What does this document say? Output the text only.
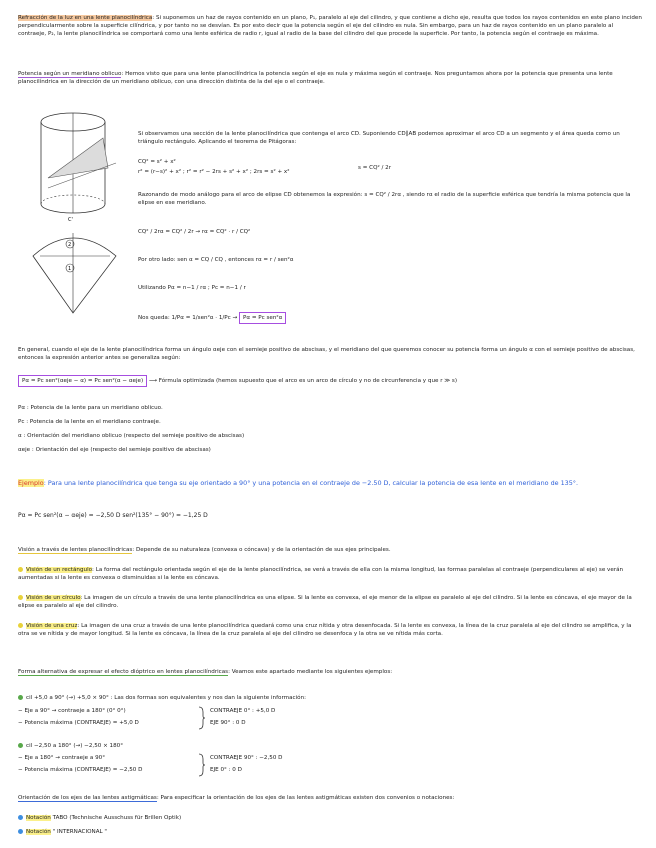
Refracción de la luz en una lente planocilíndrica: Si suponemos un haz de rayos contenido en un plano, P₁, paralelo al eje del cilindro, y que contiene a dicho eje, resulta que todos los rayos contenidos en este plano inciden perpendicularmente sobre la superficie cilíndrica, y por tanto no se desvían. Es por esto decir que la potencia según el eje del cilindro es nula. Sin embargo, para un haz de rayos contenido en un plano paralelo al contraeje, P₂, la lente planocilíndrica se comportará como una lente esférica de radio r, igual al radio de la base del cilindro del que procede la superficie. Por tanto, la potencia según el contraeje es máxima.

Potencia según un meridiano oblicuo: Hemos visto que para una lente planocilíndrica la potencia según el eje es nula y máxima según el contraeje. Nos preguntamos ahora por la potencia que presenta una lente planocilíndrica en la dirección de un meridiano oblicuo, con una dirección distinta de la del eje o el contraeje.

C'
2
1

Si observamos una sección de la lente planocilíndrica que contenga el arco CD. Suponiendo CD∥AB podemos aproximar el arco CD a un segmento y el área queda como un triángulo rectángulo. Aplicando el teorema de Pitágoras:

CQ² = s² + x²
r² = (r−s)² + x² ; r² = r² − 2rs + s² + x² ; 2rs = s² + x²
s = CQ² / 2r

Razonando de modo análogo para el arco de elipse CD obtenemos la expresión: s = CQ² / 2rα , siendo rα el radio de la superficie esférica que tendría la misma potencia que la elipse en ese meridiano.

CQ² / 2rα = CQ² / 2r → rα = CQ² · r / CQ²
Por otro lado: sen α = CQ / CQ , entonces rα = r / sen²α
Utilizando Pα = n−1 / rα ; Pc = n−1 / r
Nos queda: 1/Pα = 1/sen²α · 1/Pc → Pα = Pc sen²α

En general, cuando el eje de la lente planocilíndrica forma un ángulo αeje con el semieje positivo de abscisas, y el meridiano del que queremos conocer su potencia forma un ángulo α con el semieje positivo de abscisas, entonces la expresión anterior antes se generaliza según:

Pα = Pc sen²(αeje − α) = Pc sen²(α − αeje) ⟶ Fórmula optimizada (hemos supuesto que el arco es un arco de círculo y no de circunferencia y que r ≫ s)
Pα : Potencia de la lente para un meridiano oblicuo.
Pc : Potencia de la lente en el meridiano contraeje.
α : Orientación del meridiano oblicuo (respecto del semieje positivo de abscisas)
αeje : Orientación del eje (respecto del semieje positivo de abscisas)

Ejemplo: Para una lente planocilíndrica que tenga su eje orientado a 90° y una potencia en el contraeje de −2.50 D, calcular la potencia de esa lente en el meridiano de 135°.

Pα = Pc sen²(α − αeje) = −2,50 D sen²(135° − 90°) = −1,25 D

Visión a través de lentes planocilíndricas: Depende de su naturaleza (convexa o cóncava) y de la orientación de sus ejes principales.

Visión de un rectángulo: La forma del rectángulo orientada según el eje de la lente planocilíndrica, se verá a través de ella con la misma longitud, las formas paralelas al contraeje (perpendiculares al eje) se verán aumentadas si la lente es convexa o disminuidas si la lente es cóncava.

Visión de un círculo: La imagen de un círculo a través de una lente planocilíndrica es una elipse. Si la lente es convexa, el eje menor de la elipse es paralelo al eje del cilindro. Si la lente es cóncava, el eje mayor de la elipse es paralelo al eje del cilindro.

Visión de una cruz: La imagen de una cruz a través de una lente planocilíndrica quedará como una cruz nítida y otra desenfocada. Si la lente es convexa, la línea de la cruz paralela al eje del cilindro se amplifica, y la otra se ve nítida y de mayor longitud. Si la lente es cóncava, la línea de la cruz paralela al eje del cilindro se desenfoca y la otra se ve nítida más corta.

Forma alternativa de expresar el efecto dióptrico en lentes planocilíndricas: Veamos este apartado mediante los siguientes ejemplos:

cil +5,0 a 90° (→) +5,0 × 90° : Las dos formas son equivalentes y nos dan la siguiente información:
− Eje a 90° → contraeje a 180° (0° 0°)
− Potencia máxima (CONTRAEJE) = +5,0 D
CONTRAEJE 0° : +5,0 D
EJE 90° : 0 D
cil −2,50 a 180° (→) −2,50 × 180°
− Eje a 180° → contraeje a 90°
− Potencia máxima (CONTRAEJE) = −2,50 D
CONTRAEJE 90° : −2,50 D
EJE 0° : 0 D

Orientación de los ejes de las lentes astigmáticas: Para especificar la orientación de los ejes de las lentes astigmáticas existen dos convenios o notaciones:

Notación TABO (Technische Ausschuss für Brillen Optik)
Notación " INTERNACIONAL "
